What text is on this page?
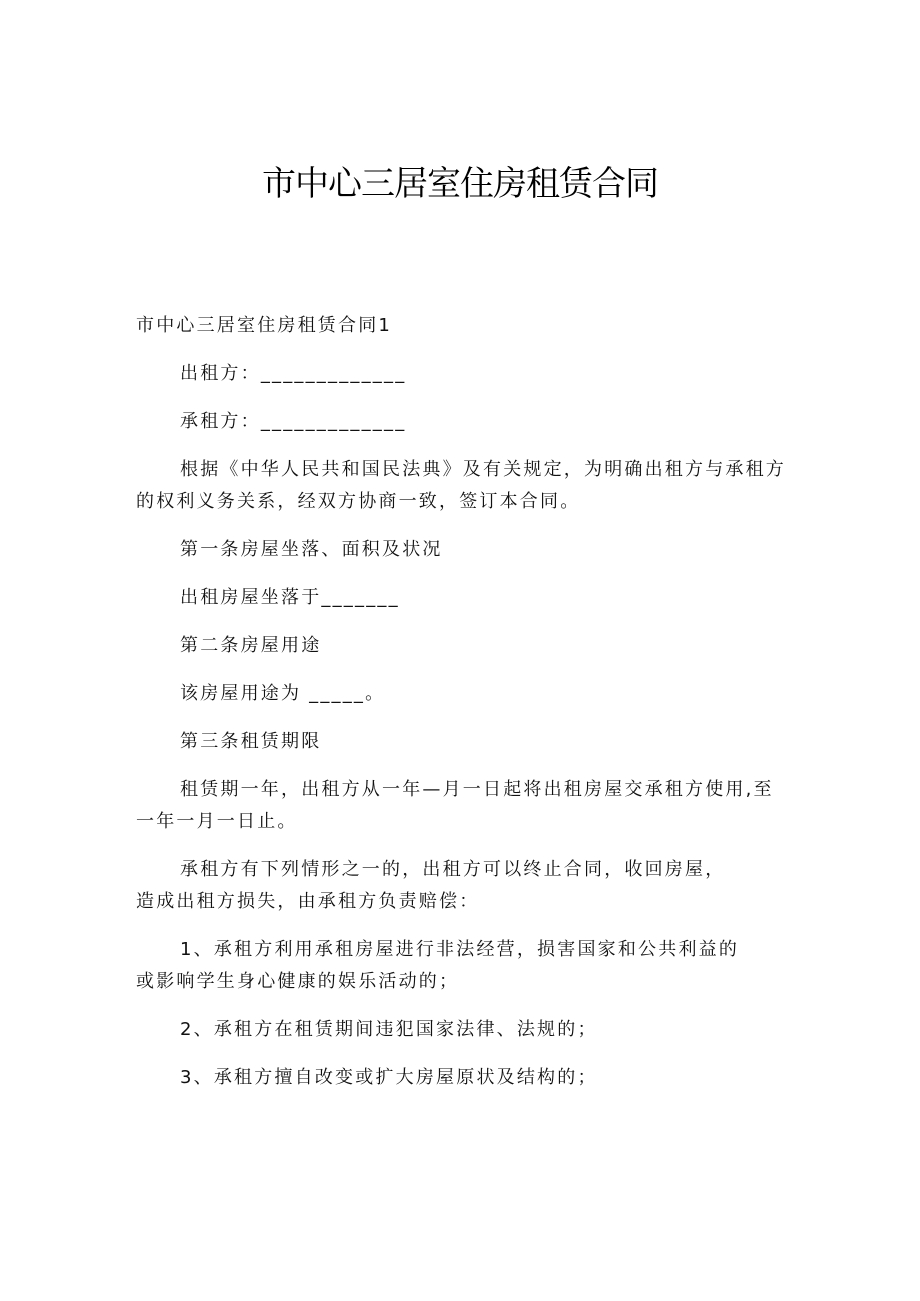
市中心三居室住房租赁合同

市中心三居室住房租赁合同1

出租方：_____________

承租方：_____________

根据《中华人民共和国民法典》及有关规定，为明确出租方与承租方

的权利义务关系，经双方协商一致，签订本合同。

第一条房屋坐落、面积及状况

出租房屋坐落于_______

第二条房屋用途

该房屋用途为 _____。

第三条租赁期限

租赁期一年，出租方从一年—月一日起将出租房屋交承租方使用,至

一年一月一日止。

承租方有下列情形之一的，出租方可以终止合同，收回房屋，

造成出租方损失，由承租方负责赔偿：

1、承租方利用承租房屋进行非法经营，损害国家和公共利益的

或影响学生身心健康的娱乐活动的；

2、承租方在租赁期间违犯国家法律、法规的；

3、承租方擅自改变或扩大房屋原状及结构的；
